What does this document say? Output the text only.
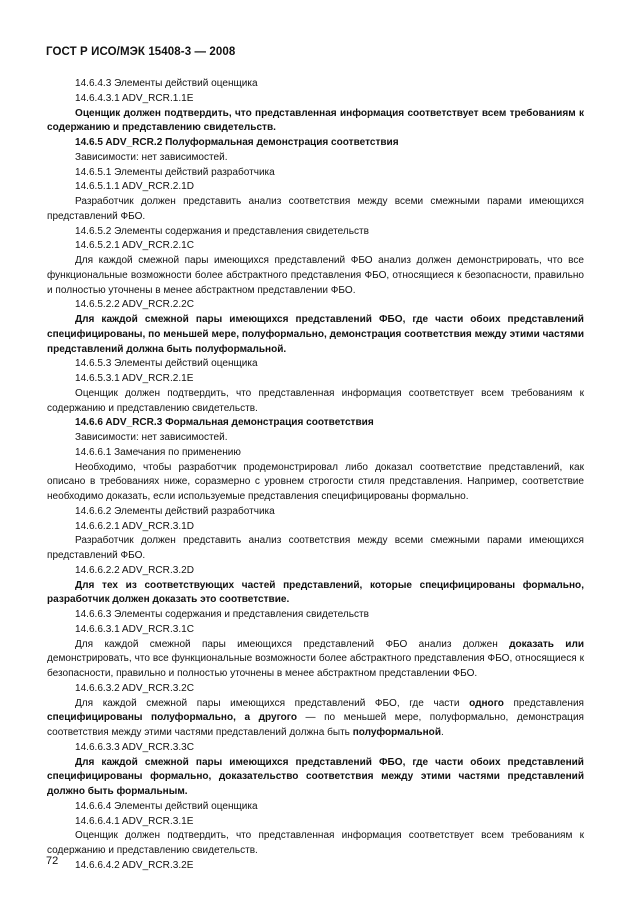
ГОСТ Р ИСО/МЭК 15408-3 — 2008

14.6.4.3 Элементы действий оценщика

14.6.4.3.1 ADV_RCR.1.1E

Оценщик должен подтвердить, что представленная информация соответствует всем требованиям к содержанию и представлению свидетельств.

14.6.5 ADV_RCR.2 Полуформальная демонстрация соответствия

Зависимости: нет зависимостей.

14.6.5.1 Элементы действий разработчика

14.6.5.1.1 ADV_RCR.2.1D

Разработчик должен представить анализ соответствия между всеми смежными парами имеющихся представлений ФБО.

14.6.5.2 Элементы содержания и представления свидетельств

14.6.5.2.1 ADV_RCR.2.1C

Для каждой смежной пары имеющихся представлений ФБО анализ должен демонстрировать, что все функциональные возможности более абстрактного представления ФБО, относящиеся к безопасности, правильно и полностью уточнены в менее абстрактном представлении ФБО.

14.6.5.2.2 ADV_RCR.2.2C

Для каждой смежной пары имеющихся представлений ФБО, где части обоих представлений специфицированы, по меньшей мере, полуформально, демонстрация соответствия между этими частями представлений должна быть полуформальной.

14.6.5.3 Элементы действий оценщика

14.6.5.3.1 ADV_RCR.2.1E

Оценщик должен подтвердить, что представленная информация соответствует всем требованиям к содержанию и представлению свидетельств.

14.6.6 ADV_RCR.3 Формальная демонстрация соответствия

Зависимости: нет зависимостей.

14.6.6.1 Замечания по применению

Необходимо, чтобы разработчик продемонстрировал либо доказал соответствие представлений, как описано в требованиях ниже, соразмерно с уровнем строгости стиля представления. Например, соответствие необходимо доказать, если используемые представления специфицированы формально.

14.6.6.2 Элементы действий разработчика

14.6.6.2.1 ADV_RCR.3.1D

Разработчик должен представить анализ соответствия между всеми смежными парами имеющихся представлений ФБО.

14.6.6.2.2 ADV_RCR.3.2D

Для тех из соответствующих частей представлений, которые специфицированы формально, разработчик должен доказать это соответствие.

14.6.6.3 Элементы содержания и представления свидетельств

14.6.6.3.1 ADV_RCR.3.1C

Для каждой смежной пары имеющихся представлений ФБО анализ должен доказать или демонстрировать, что все функциональные возможности более абстрактного представления ФБО, относящиеся к безопасности, правильно и полностью уточнены в менее абстрактном представлении ФБО.

14.6.6.3.2 ADV_RCR.3.2C

Для каждой смежной пары имеющихся представлений ФБО, где части одного представления специфицированы полуформально, а другого — по меньшей мере, полуформально, демонстрация соответствия между этими частями представлений должна быть полуформальной.

14.6.6.3.3 ADV_RCR.3.3C

Для каждой смежной пары имеющихся представлений ФБО, где части обоих представлений специфицированы формально, доказательство соответствия между этими частями представлений должно быть формальным.

14.6.6.4 Элементы действий оценщика

14.6.6.4.1 ADV_RCR.3.1E

Оценщик должен подтвердить, что представленная информация соответствует всем требованиям к содержанию и представлению свидетельств.

14.6.6.4.2 ADV_RCR.3.2E

72
